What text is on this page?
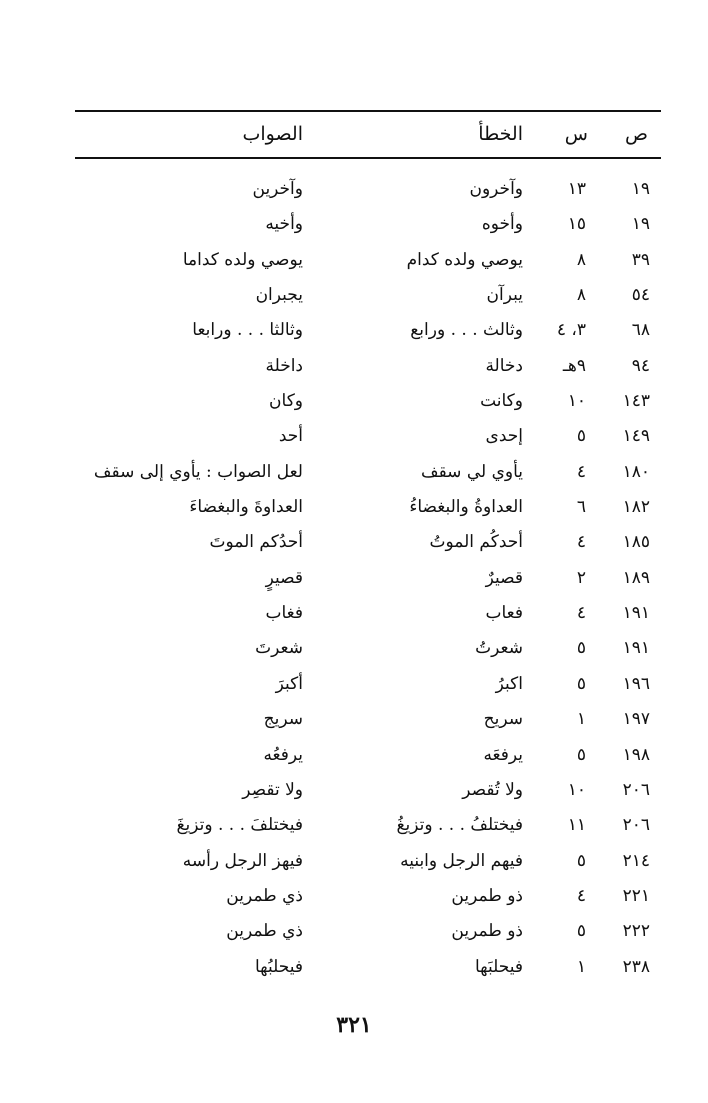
ص
س
الخطأ
الصواب
١٩
١٣
وآخرون
وآخرين
١٩
١٥
وأخوه
وأخيه
٣٩
٨
يوصي ولده كدام
يوصي ولده كداما
٥٤
٨
يبرآن
يجبران
٦٨
٣، ٤
وثالث . . . ورابع
وثالثا . . . ورابعا
٩٤
٩هـ
دخالة
داخلة
١٤٣
١٠
وكانت
وكان
١٤٩
٥
إحدى
أحد
١٨٠
٤
يأوي لي سقف
لعل الصواب : يأوي إلى سقف
١٨٢
٦
العداوةُ والبغضاءُ
العداوةَ والبغضاءَ
١٨٥
٤
أحدكُم الموتُ
أحدُكم الموتَ
١٨٩
٢
قصيرٌ
قصيرٍ
١٩١
٤
فعاب
فغاب
١٩١
٥
شعرتُ
شعرتَ
١٩٦
٥
اكبرُ
أكبرَ
١٩٧
١
سريح
سريج
١٩٨
٥
يرفعَه
يرفعُه
٢٠٦
١٠
ولا تُقصر
ولا تقصِر
٢٠٦
١١
فيختلفُ . . . وتزيغُ
فيختلفَ . . . وتزيغَ
٢١٤
٥
فيهم الرجل وابنيه
فيهز الرجل رأسه
٢٢١
٤
ذو طمرين
ذي طمرين
٢٢٢
٥
ذو طمرين
ذي طمرين
٢٣٨
١
فيحلبَها
فيحلبُها
٣٢١
